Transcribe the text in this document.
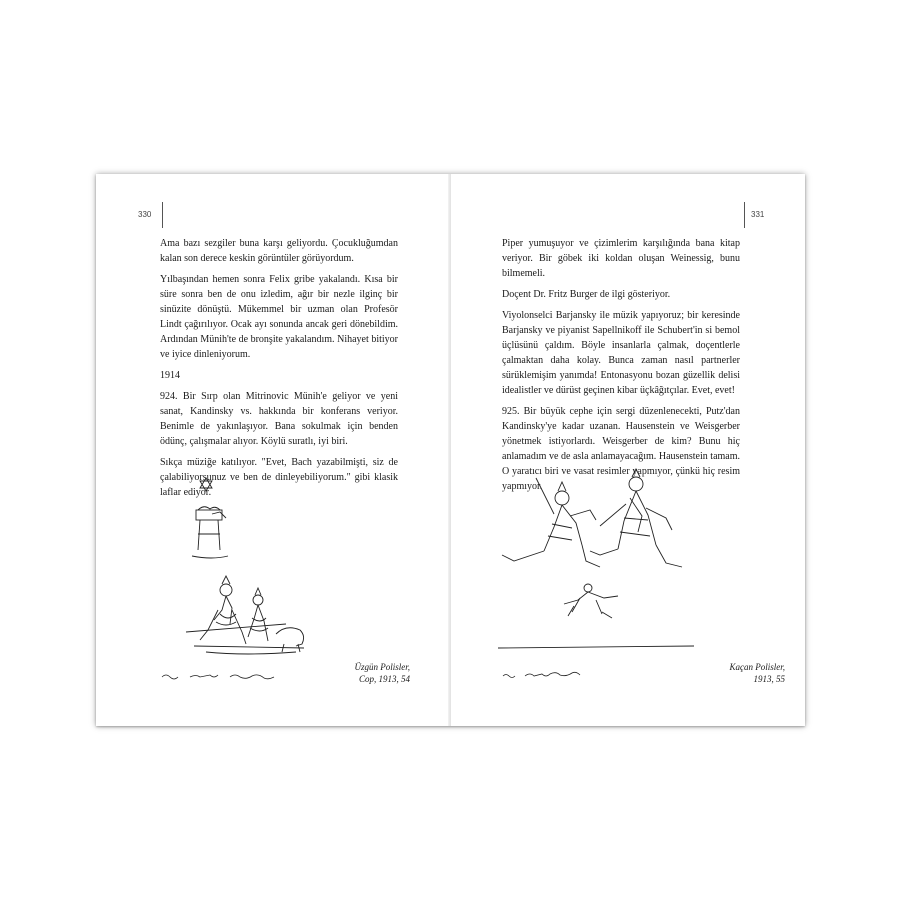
330

Ama bazı sezgiler buna karşı geliyordu. Çocukluğumdan kalan son derece keskin görüntüler görüyordum.

Yılbaşından hemen sonra Felix gribe yakalandı. Kısa bir süre sonra ben de onu izledim, ağır bir nezle ilginç bir sinüzite dönüştü. Mükemmel bir uzman olan Profesör Lindt çağırılıyor. Ocak ayı sonunda ancak geri dönebildim. Ardından Münih'te de bronşite yakalandım. Nihayet bitiyor ve iyice dinleniyorum.

1914

924. Bir Sırp olan Mitrinovic Münih'e geliyor ve yeni sanat, Kandinsky vs. hakkında bir konferans veriyor. Benimle de yakınlaşıyor. Bana sokulmak için benden ödünç, çalışmalar alıyor. Köylü suratlı, iyi biri.

Sıkça müziğe katılıyor. "Evet, Bach yazabilmişti, siz de çalabiliyorsunuz ve ben de dinleyebiliyorum." gibi klasik laflar ediyor.

Üzgün Polisler,
Cop, 1913, 54
331

Piper yumuşuyor ve çizimlerim karşılığında bana kitap veriyor. Bir göbek iki koldan oluşan Weinessig, bunu bilmemeli.

Doçent Dr. Fritz Burger de ilgi gösteriyor.

Viyolonselci Barjansky ile müzik yapıyoruz; bir keresinde Barjansky ve piyanist Sapellnikoff ile Schubert'in si bemol üçlüsünü çaldım. Böyle insanlarla çalmak, doçentlerle çalmaktan daha kolay. Bunca zaman nasıl partnerler sürüklemişim yanımda! Entonasyonu bozan güzellik delisi idealistler ve dürüst geçinen kibar üçkâğıtçılar. Evet, evet!

925. Bir büyük cephe için sergi düzenlenecekti, Putz'dan Kandinsky'ye kadar uzanan. Hausenstein ve Weisgerber yönetmek istiyorlardı. Weisgerber de kim? Bunu hiç anlamadım ve de asla anlamayacağım. Hausenstein tamam. O yaratıcı biri ve vasat resimler yapmıyor, çünkü hiç resim yapmıyor.

Kaçan Polisler,
1913, 55
